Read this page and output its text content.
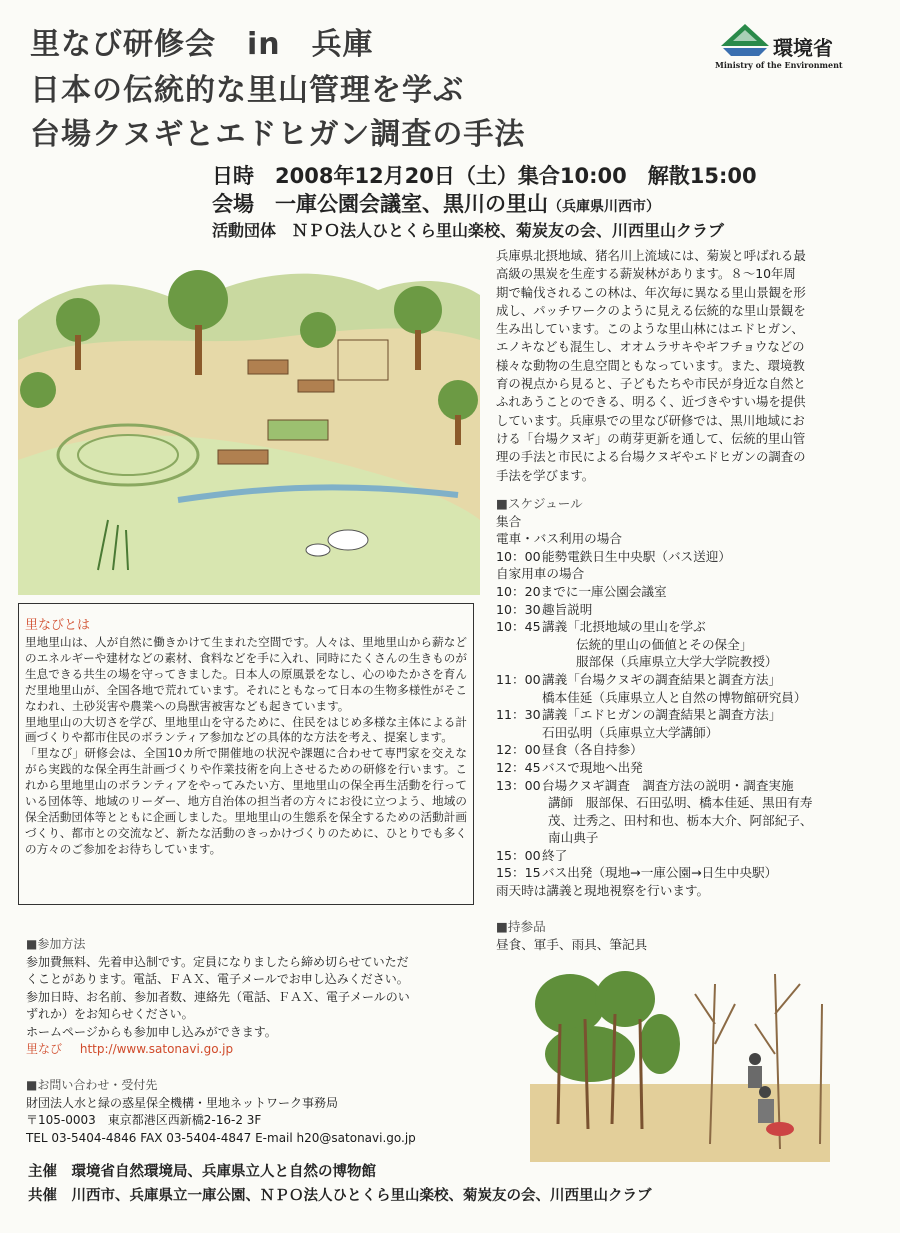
里なび研修会　in　兵庫
日本の伝統的な里山管理を学ぶ
台場クヌギとエドヒガン調査の手法
環境省
Ministry of the Environment
日時　2008年12月20日（土）集合10:00　解散15:00
会場　一庫公園会議室、黒川の里山（兵庫県川西市）
活動団体　ＮＰＯ法人ひとくら里山楽校、菊炭友の会、川西里山クラブ
兵庫県北摂地域、猪名川上流域には、菊炭と呼ばれる最
高級の黒炭を生産する薪炭林があります。８～10年周
期で輪伐されるこの林は、年次毎に異なる里山景観を形
成し、パッチワークのように見える伝統的な里山景観を
生み出しています。このような里山林にはエドヒガン、
エノキなども混生し、オオムラサキやギフチョウなどの
様々な動物の生息空間ともなっています。また、環境教
育の視点から見ると、子どもたちや市民が身近な自然と
ふれあうことのできる、明るく、近づきやすい場を提供
しています。兵庫県での里なび研修では、黒川地域にお
ける「台場クヌギ」の萌芽更新を通して、伝統的里山管
理の手法と市民による台場クヌギやエドヒガンの調査の
手法を学びます。
■スケジュール
集合
電車・バス利用の場合
10：00 能勢電鉄日生中央駅（バス送迎）
自家用車の場合
10：20 までに一庫公園会議室
10：30 趣旨説明
10：45 講義「北摂地域の里山を学ぶ
伝統的里山の価値とその保全」
服部保（兵庫県立大学大学院教授）
11：00 講義「台場クヌギの調査結果と調査方法」
橋本佳延（兵庫県立人と自然の博物館研究員）
11：30 講義「エドヒガンの調査結果と調査方法」
石田弘明（兵庫県立大学講師）
12：00 昼食（各自持参）
12：45 バスで現地へ出発
13：00 台場クヌギ調査　調査方法の説明・調査実施
講師　服部保、石田弘明、橋本佳延、黒田有寿
茂、辻秀之、田村和也、栃本大介、阿部紀子、
南山典子
15：00 終了
15：15 バス出発（現地→一庫公園→日生中央駅）
雨天時は講義と現地視察を行います。
■持参品
昼食、軍手、雨具、筆記具
里なびとは
里地里山は、人が自然に働きかけて生まれた空間です。人々は、里地里山から薪などのエネルギーや建材などの素材、食料などを手に入れ、同時にたくさんの生きものが生息できる共生の場を守ってきました。日本人の原風景をなし、心のゆたかさを育んだ里地里山が、全国各地で荒れています。それにともなって日本の生物多様性がそこなわれ、土砂災害や農業への鳥獣害被害なども起きています。
里地里山の大切さを学び、里地里山を守るために、住民をはじめ多様な主体による計画づくりや都市住民のボランティア参加などの具体的な方法を考え、提案します。
「里なび」研修会は、全国10カ所で開催地の状況や課題に合わせて専門家を交えながら実践的な保全再生計画づくりや作業技術を向上させるための研修を行います。これから里地里山のボランティアをやってみたい方、里地里山の保全再生活動を行っている団体等、地域のリーダー、地方自治体の担当者の方々にお役に立つよう、地域の保全活動団体等とともに企画しました。里地里山の生態系を保全するための活動計画づくり、都市との交流など、新たな活動のきっかけづくりのために、ひとりでも多くの方々のご参加をお待ちしています。
■参加方法
参加費無料、先着申込制です。定員になりましたら締め切らせていただ
くことがあります。電話、ＦＡＸ、電子メールでお申し込みください。
参加日時、お名前、参加者数、連絡先（電話、ＦＡＸ、電子メールのい
ずれか）をお知らせください。
ホームページからも参加申し込みができます。
里なび http://www.satonavi.go.jp
■お問い合わせ・受付先
財団法人水と緑の惑星保全機構・里地ネットワーク事務局
〒105-0003　東京都港区西新橋2-16-2 3F
TEL 03-5404-4846 FAX 03-5404-4847 E-mail h20@satonavi.go.jp
主催　環境省自然環境局、兵庫県立人と自然の博物館
共催　川西市、兵庫県立一庫公園、ＮＰＯ法人ひとくら里山楽校、菊炭友の会、川西里山クラブ
